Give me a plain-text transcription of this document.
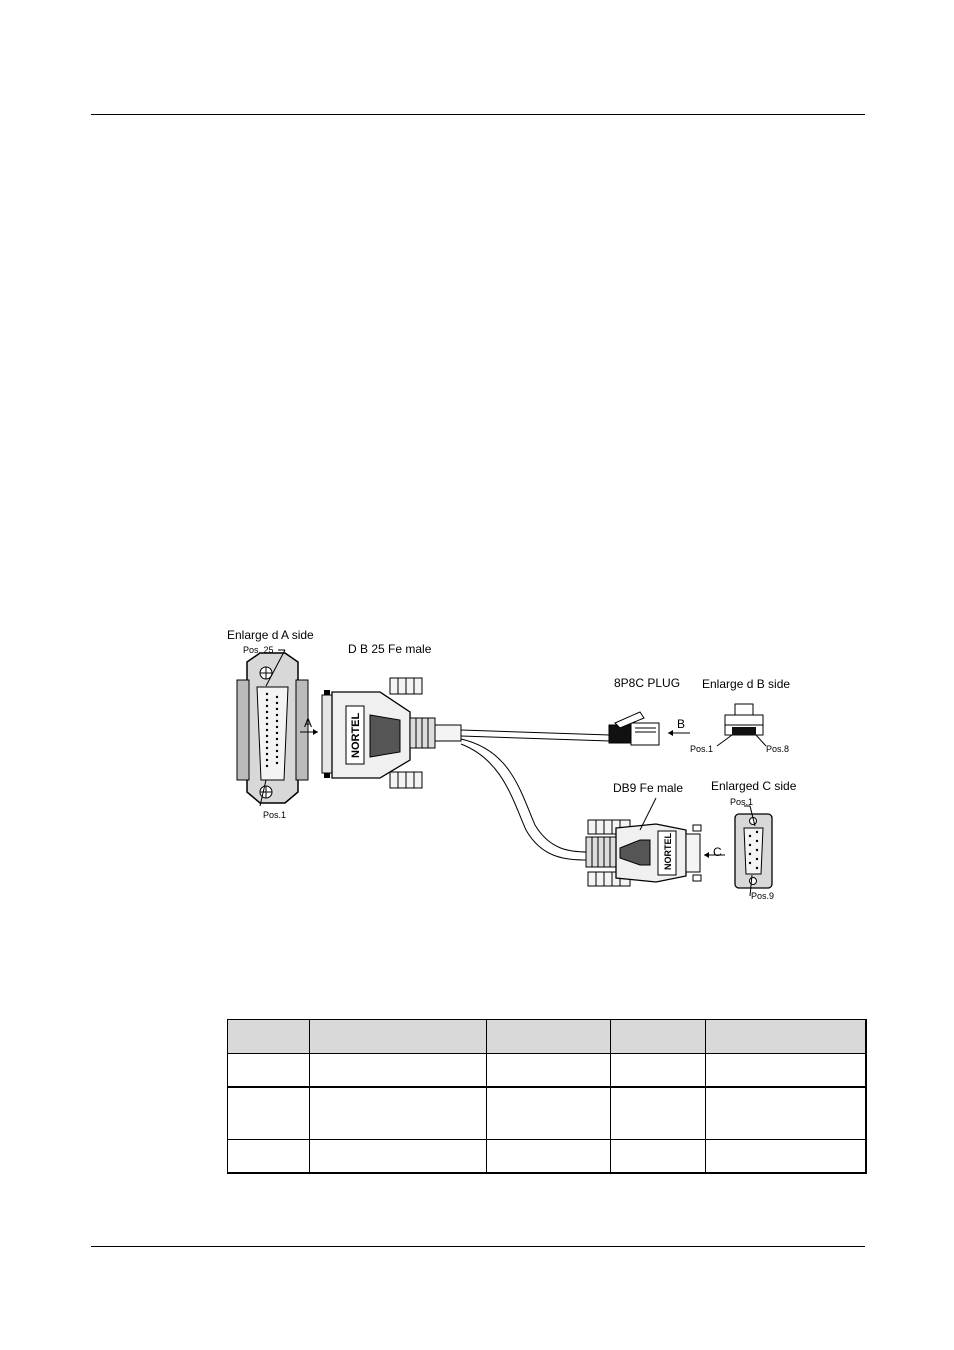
NORTEL
NORTEL
Enlarge d A side
Pos. 25
Pos.1
D B 25 Fe male
A
8P8C PLUG Enlarge d B side
B
Pos.1	Pos.8
DB9 Fe male Enlarged C side
Pos.1
C
Pos.9
